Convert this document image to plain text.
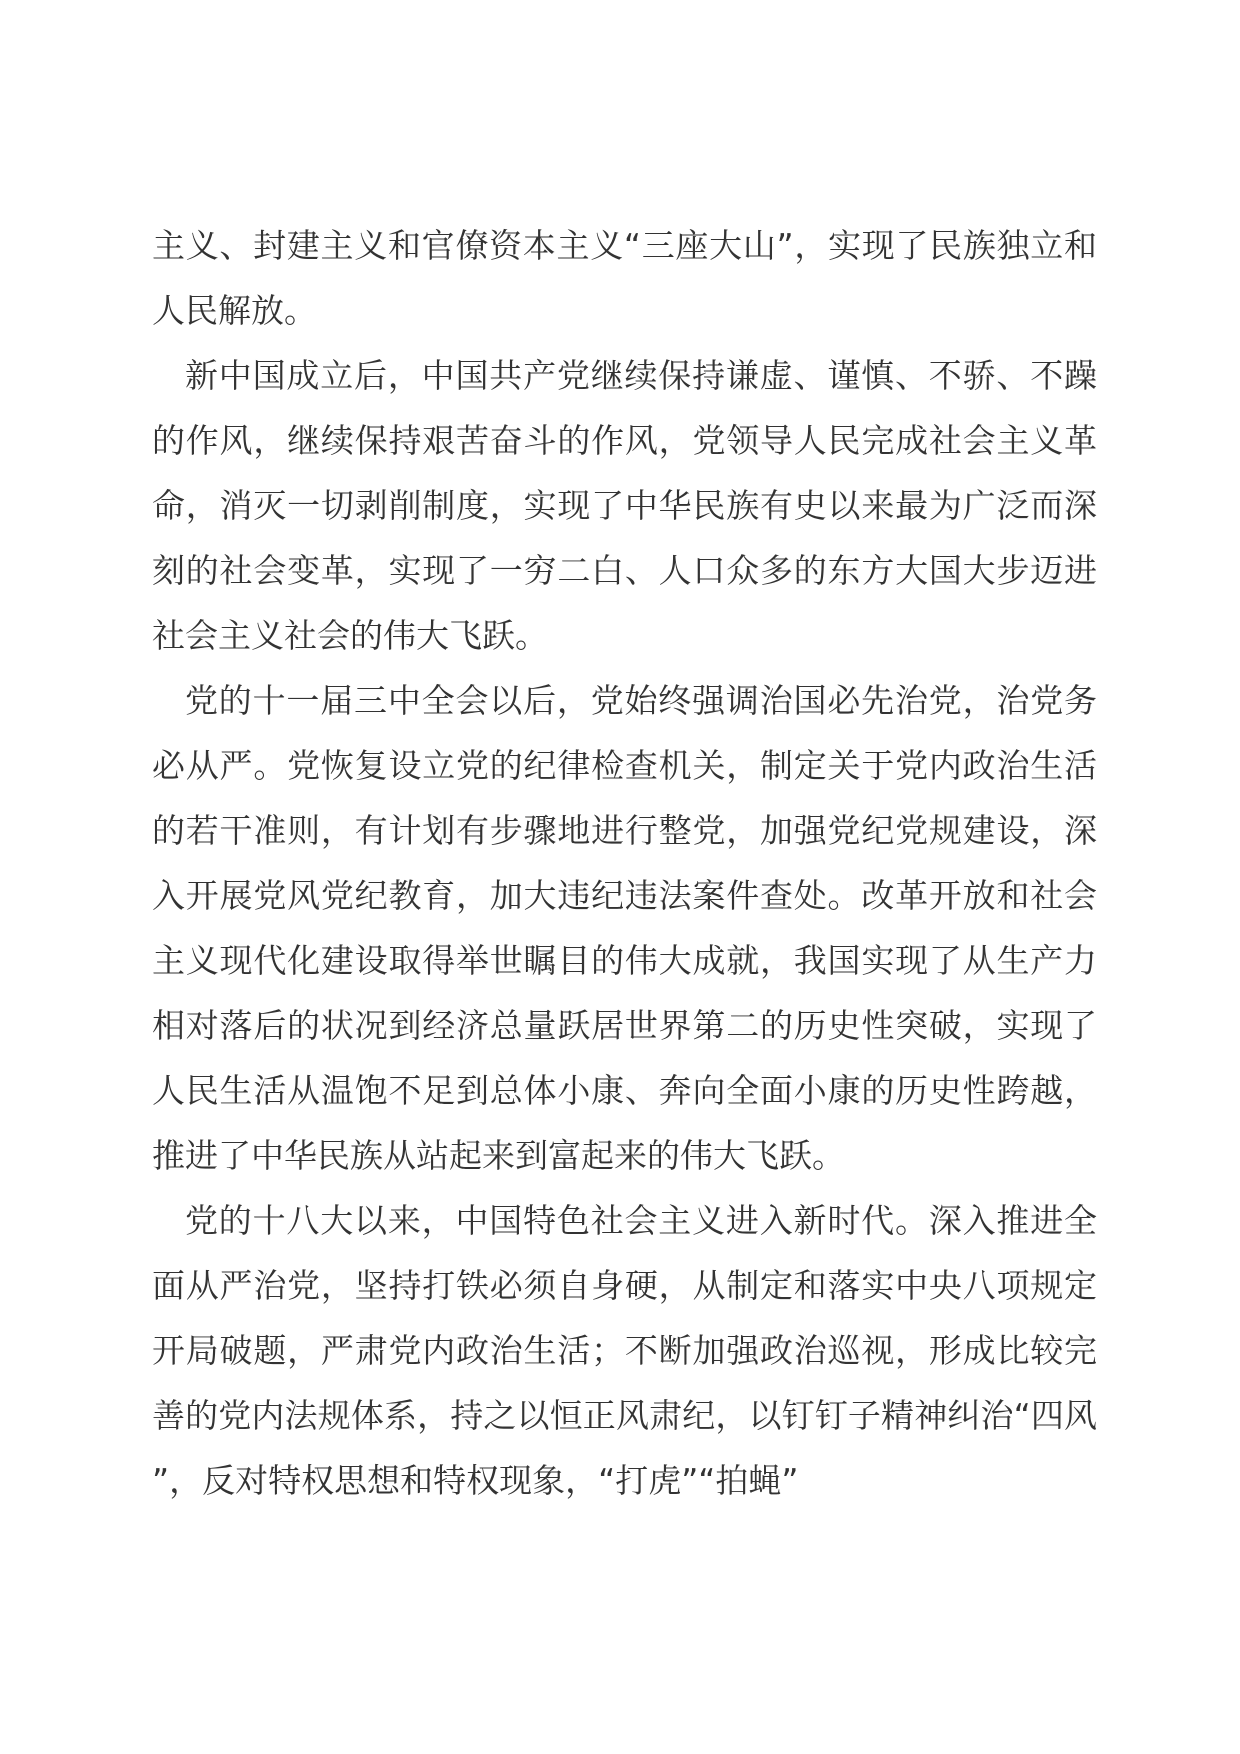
主义、封建主义和官僚资本主义“三座大山”，实现了民族独立和人民解放。

新中国成立后，中国共产党继续保持谦虚、谨慎、不骄、不躁的作风，继续保持艰苦奋斗的作风，党领导人民完成社会主义革命，消灭一切剥削制度，实现了中华民族有史以来最为广泛而深刻的社会变革，实现了一穷二白、人口众多的东方大国大步迈进社会主义社会的伟大飞跃。

党的十一届三中全会以后，党始终强调治国必先治党，治党务必从严。党恢复设立党的纪律检查机关，制定关于党内政治生活的若干准则，有计划有步骤地进行整党，加强党纪党规建设，深入开展党风党纪教育，加大违纪违法案件查处。改革开放和社会主义现代化建设取得举世瞩目的伟大成就，我国实现了从生产力相对落后的状况到经济总量跃居世界第二的历史性突破，实现了人民生活从温饱不足到总体小康、奔向全面小康的历史性跨越，推进了中华民族从站起来到富起来的伟大飞跃。

党的十八大以来，中国特色社会主义进入新时代。深入推进全面从严治党，坚持打铁必须自身硬，从制定和落实中央八项规定开局破题，严肃党内政治生活；不断加强政治巡视，形成比较完善的党内法规体系，持之以恒正风肃纪，以钉钉子精神纠治“四风”，反对特权思想和特权现象，“打虎”“拍蝇”
